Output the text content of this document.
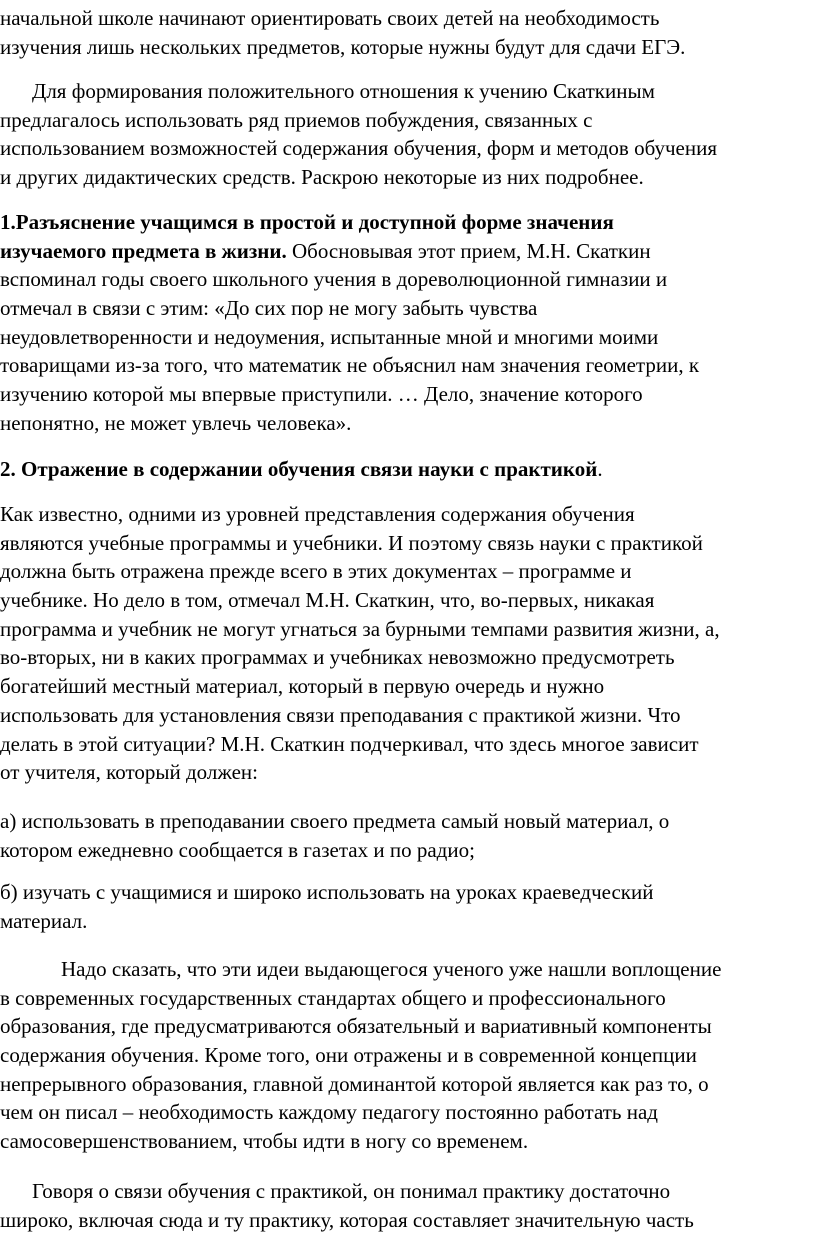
начальной школе начинают ориентировать своих детей на необходимость
изучения лишь нескольких предметов, которые нужны будут для сдачи ЕГЭ.
Для формирования положительного отношения к учению Скаткиным
предлагалось использовать ряд приемов побуждения, связанных с
использованием возможностей содержания обучения, форм и методов обучения
и других дидактических средств. Раскрою некоторые из них подробнее.
1.Разъяснение учащимся в простой и доступной форме значения
изучаемого предмета в жизни. Обосновывая этот прием, М.Н. Скаткин
вспоминал годы своего школьного учения в дореволюционной гимназии и
отмечал в связи с этим: «До сих пор не могу забыть чувства
неудовлетворенности и недоумения, испытанные мной и многими моими
товарищами из-за того, что математик не объяснил нам значения геометрии, к
изучению которой мы впервые приступили. … Дело, значение которого
непонятно, не может увлечь человека».
2. Отражение в содержании обучения связи науки с практикой.
Как известно, одними из уровней представления содержания обучения
являются учебные программы и учебники. И поэтому связь науки с практикой
должна быть отражена прежде всего в этих документах – программе и
учебнике. Но дело в том, отмечал М.Н. Скаткин, что, во-первых, никакая
программа и учебник не могут угнаться за бурными темпами развития жизни, а,
во-вторых, ни в каких программах и учебниках невозможно предусмотреть
богатейший местный материал, который в первую очередь и нужно
использовать для установления связи преподавания с практикой жизни. Что
делать в этой ситуации? М.Н. Скаткин подчеркивал, что здесь многое зависит
от учителя, который должен:
а) использовать в преподавании своего предмета самый новый материал, о
котором ежедневно сообщается в газетах и по радио;
б) изучать с учащимися и широко использовать на уроках краеведческий
материал.
Надо сказать, что эти идеи выдающегося ученого уже нашли воплощение
в современных государственных стандартах общего и профессионального
образования, где предусматриваются обязательный и вариативный компоненты
содержания обучения. Кроме того, они отражены и в современной концепции
непрерывного образования, главной доминантой которой является как раз то, о
чем он писал – необходимость каждому педагогу постоянно работать над
самосовершенствованием, чтобы идти в ногу со временем.
Говоря о связи обучения с практикой, он понимал практику достаточно
широко, включая сюда и ту практику, которая составляет значительную часть
